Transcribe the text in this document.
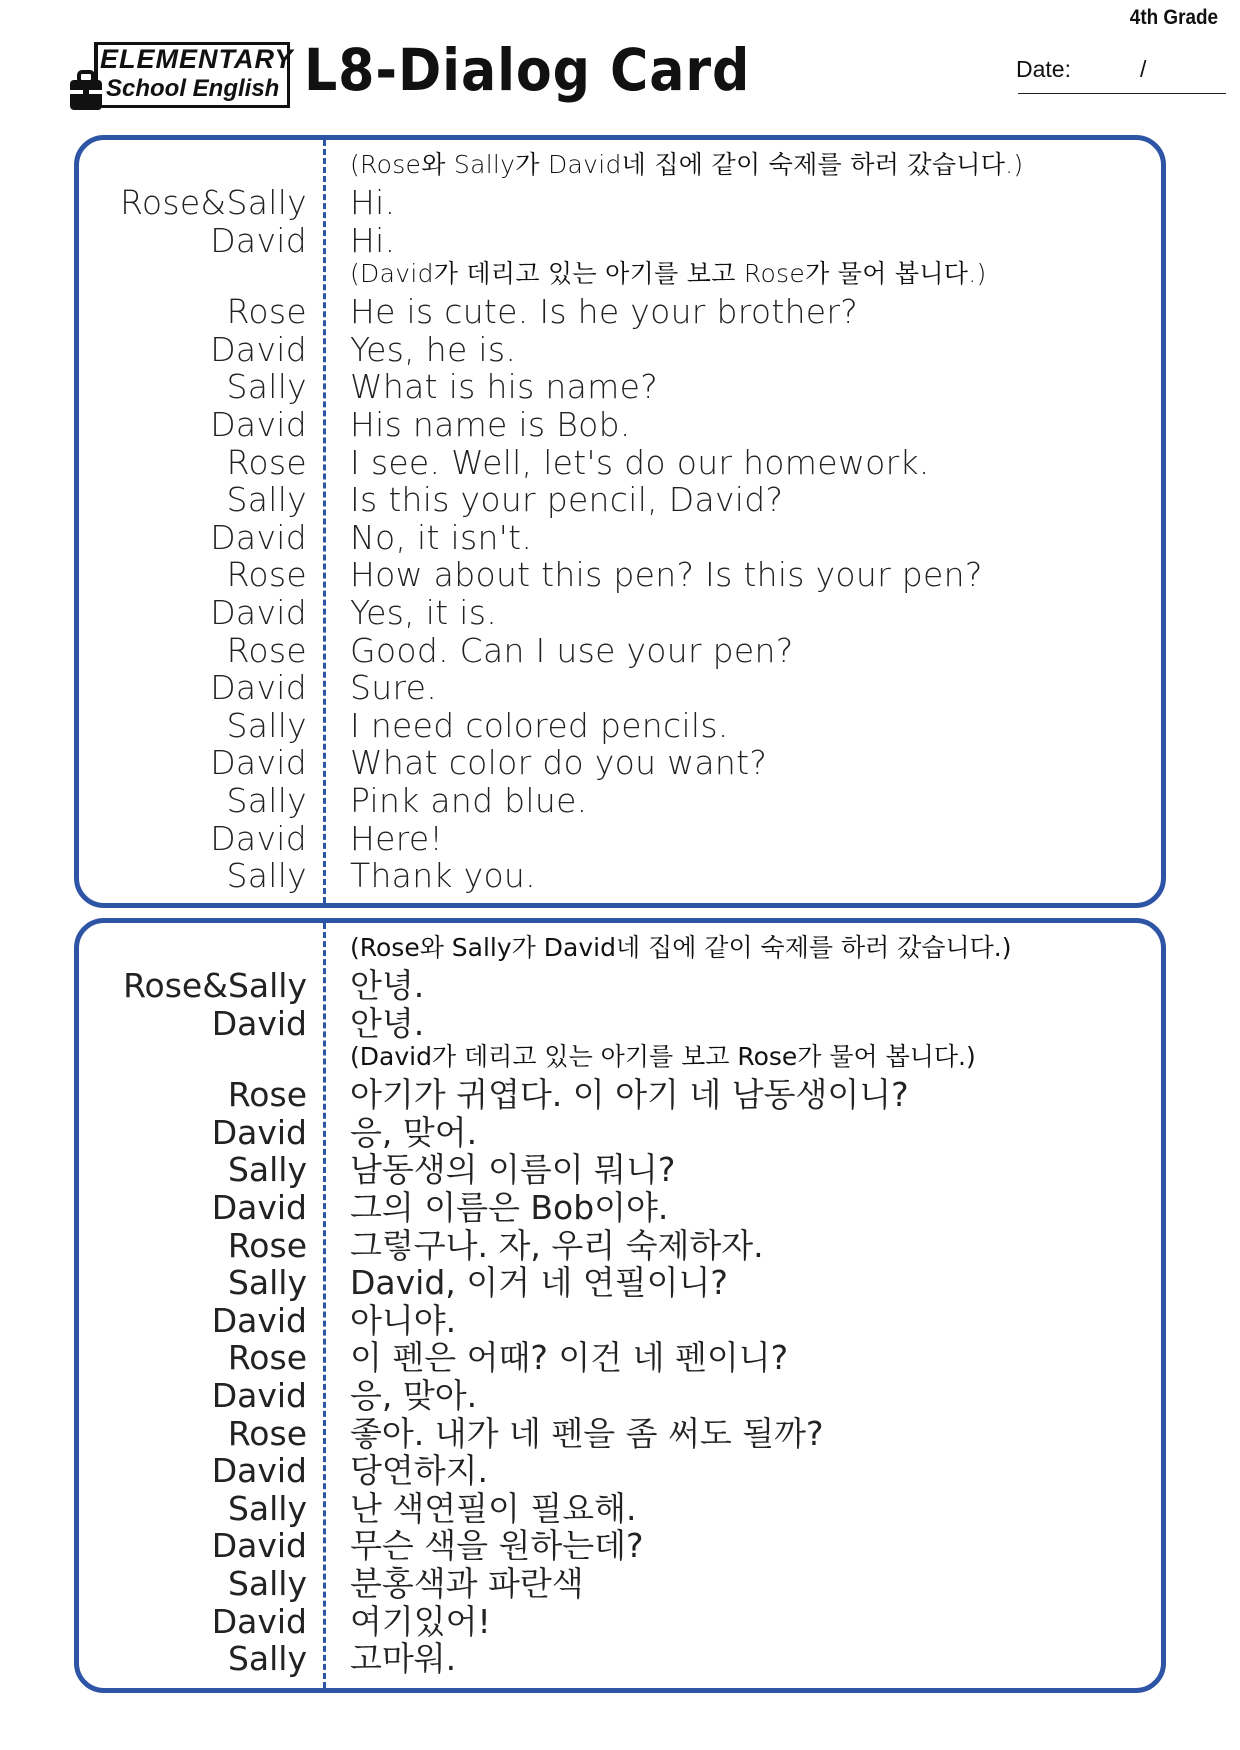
4th Grade
ELEMENTARY
School English L8-Dialog Card	Date:	/
(Rose와 Sally가 David네 집에 같이 숙제를 하러 갔습니다.)
Rose&Sally Hi.
David Hi.
(David가 데리고 있는 아기를 보고 Rose가 물어 봅니다.)
Rose He is cute. Is he your brother?
David Yes, he is.
Sally What is his name?
David His name is Bob.
Rose I see. Well, let's do our homework.
Sally Is this your pencil, David?
David No, it isn't.
Rose How about this pen? Is this your pen?
David Yes, it is.
Rose Good. Can I use your pen?
David Sure.
Sally I need colored pencils.
David What color do you want?
Sally Pink and blue.
David Here!
Sally Thank you.
(Rose와 Sally가 David네 집에 같이 숙제를 하러 갔습니다.)
Rose&Sally 안녕.
David 안녕.
(David가 데리고 있는 아기를 보고 Rose가 물어 봅니다.)
Rose 아기가 귀엽다. 이 아기 네 남동생이니?
David 응, 맞어.
Sally 남동생의 이름이 뭐니?
David 그의 이름은 Bob이야.
Rose 그렇구나. 자, 우리 숙제하자.
Sally David, 이거 네 연필이니?
David 아니야.
Rose 이 펜은 어때? 이건 네 펜이니?
David 응, 맞아.
Rose 좋아. 내가 네 펜을 좀 써도 될까?
David 당연하지.
Sally 난 색연필이 필요해.
David 무슨 색을 원하는데?
Sally 분홍색과 파란색
David 여기있어!
Sally 고마워.
